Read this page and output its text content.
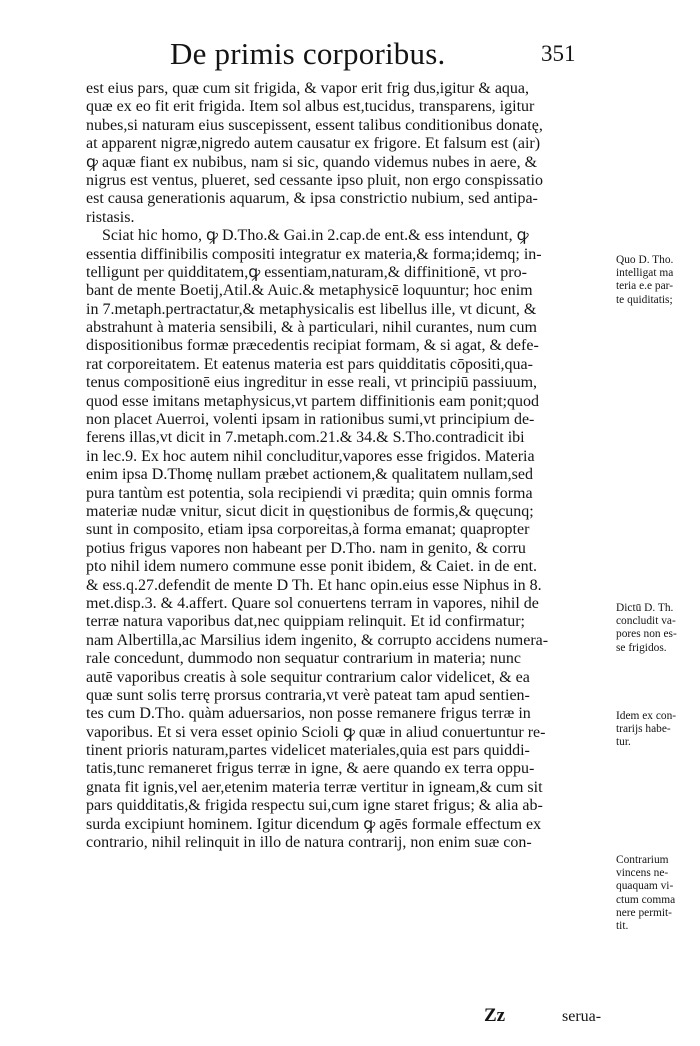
De primis corporibus.	351
est eius pars, quæ cum sit frigida, & vapor erit frig dus,igitur & aqua,
quæ ex eo fit erit frigida. Item sol albus est,tucidus, transparens, igitur
nubes,si naturam eius suscepissent, essent talibus conditionibus donatę,
at apparent nigræ,nigredo autem causatur ex frigore. Et falsum est (air)
ꝙ aquæ fiant ex nubibus, nam si sic, quando videmus nubes in aere, &
nigrus est ventus, plueret, sed cessante ipso pluit, non ergo conspissatio
est causa generationis aquarum, & ipsa constrictio nubium, sed antipa-
ristasis.
Sciat hic homo, ꝙ D.Tho.& Gai.in 2.cap.de ent.& ess intendunt, ꝙ
essentia diffinibilis compositi integratur ex materia,& forma;idemq; in-
telligunt per quidditatem,ꝙ essentiam,naturam,& diffinitionē, vt pro-
bant de mente Boetij,Atil.& Auic.& metaphysicē loquuntur; hoc enim
in 7.metaph.pertractatur,& metaphysicalis est libellus ille, vt dicunt, &
abstrahunt à materia sensibili, & à particulari, nihil curantes, num cum
dispositionibus formæ præcedentis recipiat formam, & si agat, & defe-
rat corporeitatem. Et eatenus materia est pars quidditatis cōpositi,qua-
tenus compositionē eius ingreditur in esse reali, vt principiū passiuum,
quod esse imitans metaphysicus,vt partem diffinitionis eam ponit;quod
non placet Auerroi, volenti ipsam in rationibus sumi,vt principium de-
ferens illas,vt dicit in 7.metaph.com.21.& 34.& S.Tho.contradicit ibi
in lec.9. Ex hoc autem nihil concluditur,vapores esse frigidos. Materia
enim ipsa D.Thomę nullam præbet actionem,& qualitatem nullam,sed
pura tantùm est potentia, sola recipiendi vi prædita; quin omnis forma
materiæ nudæ vnitur, sicut dicit in quęstionibus de formis,& quęcunq;
sunt in composito, etiam ipsa corporeitas,à forma emanat; quapropter
potius frigus vapores non habeant per D.Tho. nam in genito, & corru
pto nihil idem numero commune esse ponit ibidem, & Caiet. in de ent.
& ess.q.27.defendit de mente D Th. Et hanc opin.eius esse Niphus in 8.
met.disp.3. & 4.affert. Quare sol conuertens terram in vapores, nihil de
terræ natura vaporibus dat,nec quippiam relinquit. Et id confirmatur;
nam Albertilla,ac Marsilius idem ingenito, & corrupto accidens numera-
rale concedunt, dummodo non sequatur contrarium in materia; nunc
autē vaporibus creatis à sole sequitur contrarium calor videlicet, & ea
quæ sunt solis terrę prorsus contraria,vt verè pateat tam apud sentien-
tes cum D.Tho. quàm aduersarios, non posse remanere frigus terræ in
vaporibus. Et si vera esset opinio Scioli ꝙ quæ in aliud conuertuntur re-
tinent prioris naturam,partes videlicet materiales,quia est pars quiddi-
tatis,tunc remaneret frigus terræ in igne, & aere quando ex terra oppu-
gnata fit ignis,vel aer,etenim materia terræ vertitur in igneam,& cum sit
pars quidditatis,& frigida respectu sui,cum igne staret frigus; & alia ab-
surda excipiunt hominem. Igitur dicendum ꝙ agēs formale effectum ex
contrario, nihil relinquit in illo de natura contrarij, non enim suæ con-
Quo D. Tho.
intelligat ma
teria e.e par-
te quiditatis;
Dictū D. Th.
concludit va-
pores non es-
se frigidos.
Idem ex con-
trarijs habe-
tur.
Contrarium
vincens ne-
quaquam vi-
ctum comma
nere permit-
tit.
Zz	serua-
